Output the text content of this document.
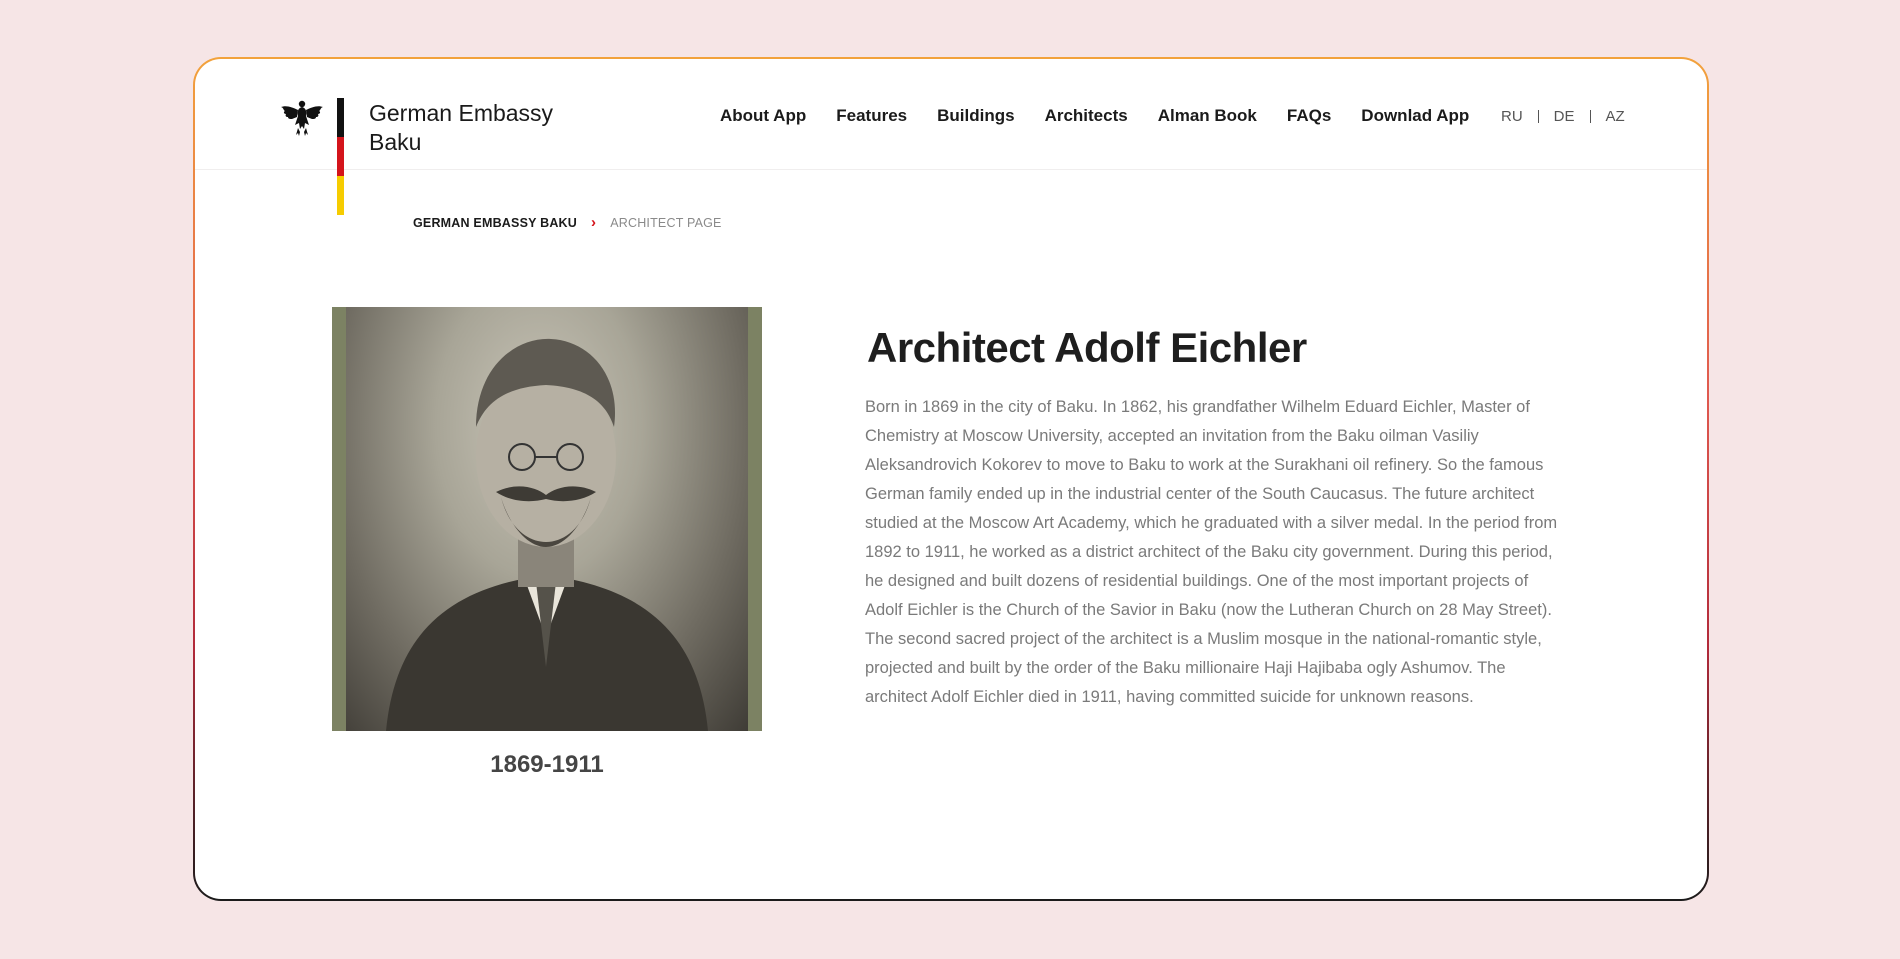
German Embassy Baku
About App Features Buildings Architects Alman Book FAQs Downlad App RU DE AZ
GERMAN EMBASSY BAKU › ARCHITECT PAGE
1869-1911
Architect Adolf Eichler

Born in 1869 in the city of Baku. In 1862, his grandfather Wilhelm Eduard Eichler, Master of Chemistry at Moscow University, accepted an invitation from the Baku oilman Vasiliy Aleksandrovich Kokorev to move to Baku to work at the Surakhani oil refinery. So the famous German family ended up in the industrial center of the South Caucasus. The future architect studied at the Moscow Art Academy, which he graduated with a silver medal. In the period from 1892 to 1911, he worked as a district architect of the Baku city government. During this period, he designed and built dozens of residential buildings. One of the most important projects of Adolf Eichler is the Church of the Savior in Baku (now the Lutheran Church on 28 May Street). The second sacred project of the architect is a Muslim mosque in the national-romantic style, projected and built by the order of the Baku millionaire Haji Hajibaba ogly Ashumov. The architect Adolf Eichler died in 1911, having committed suicide for unknown reasons.
